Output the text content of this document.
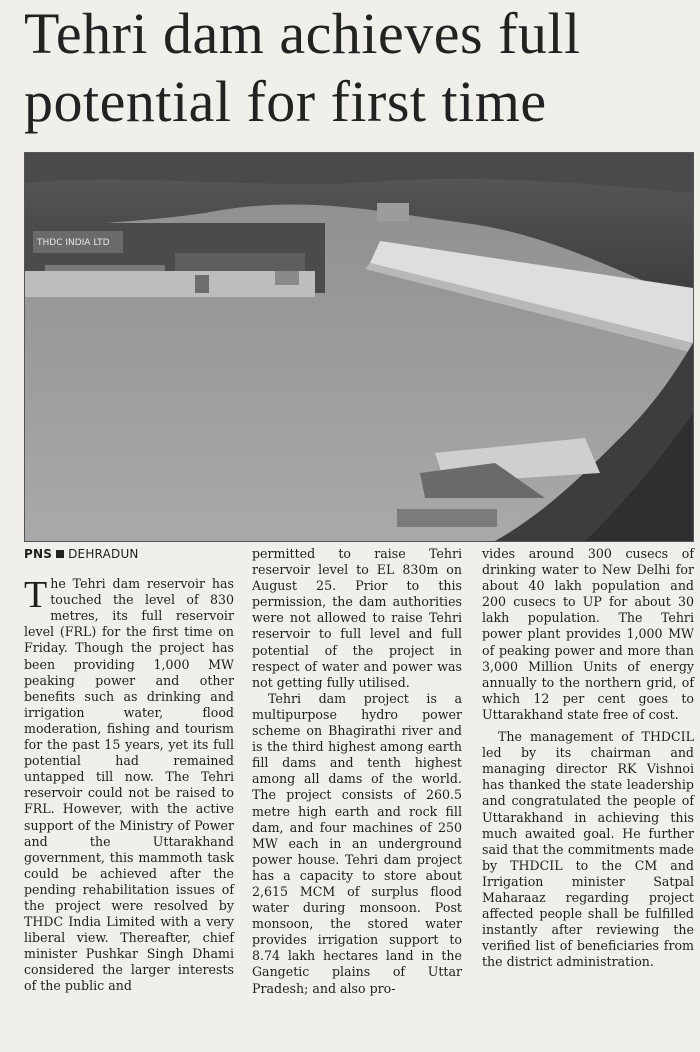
Tehri dam achieves full potential for first time
THDC INDIA LTD
PNS DEHRADUN

The Tehri dam reservoir has touched the level of 830 metres, its full reservoir level (FRL) for the first time on Friday. Though the project has been providing 1,000 MW peaking power and other benefits such as drinking and irrigation water, flood moderation, fishing and tourism for the past 15 years, yet its full potential had remained untapped till now. The Tehri reservoir could not be raised to FRL. However, with the active support of the Ministry of Power and the Uttarakhand government, this mammoth task could be achieved after the pending rehabilitation issues of the project were resolved by THDC India Limited with a very liberal view. Thereafter, chief minister Pushkar Singh Dhami considered the larger interests of the public and

permitted to raise Tehri reservoir level to EL 830m on August 25. Prior to this permission, the dam authorities were not allowed to raise Tehri reservoir to full level and full potential of the project in respect of water and power was not getting fully utilised.

Tehri dam project is a multipurpose hydro power scheme on Bhagirathi river and is the third highest among earth fill dams and tenth highest among all dams of the world. The project consists of 260.5 metre high earth and rock fill dam, and four machines of 250 MW each in an underground power house. Tehri dam project has a capacity to store about 2,615 MCM of surplus flood water during monsoon. Post monsoon, the stored water provides irrigation support to 8.74 lakh hectares land in the Gangetic plains of Uttar Pradesh; and also pro-

vides around 300 cusecs of drinking water to New Delhi for about 40 lakh population and 200 cusecs to UP for about 30 lakh population. The Tehri power plant provides 1,000 MW of peaking power and more than 3,000 Million Units of energy annually to the northern grid, of which 12 per cent goes to Uttarakhand state free of cost.

The management of THDCIL led by its chairman and managing director RK Vishnoi has thanked the state leadership and congratulated the people of Uttarakhand in achieving this much awaited goal. He further said that the commitments made by THDCIL to the CM and Irrigation minister Satpal Maharaaz regarding project affected people shall be fulfilled instantly after reviewing the verified list of beneficiaries from the district administration.
